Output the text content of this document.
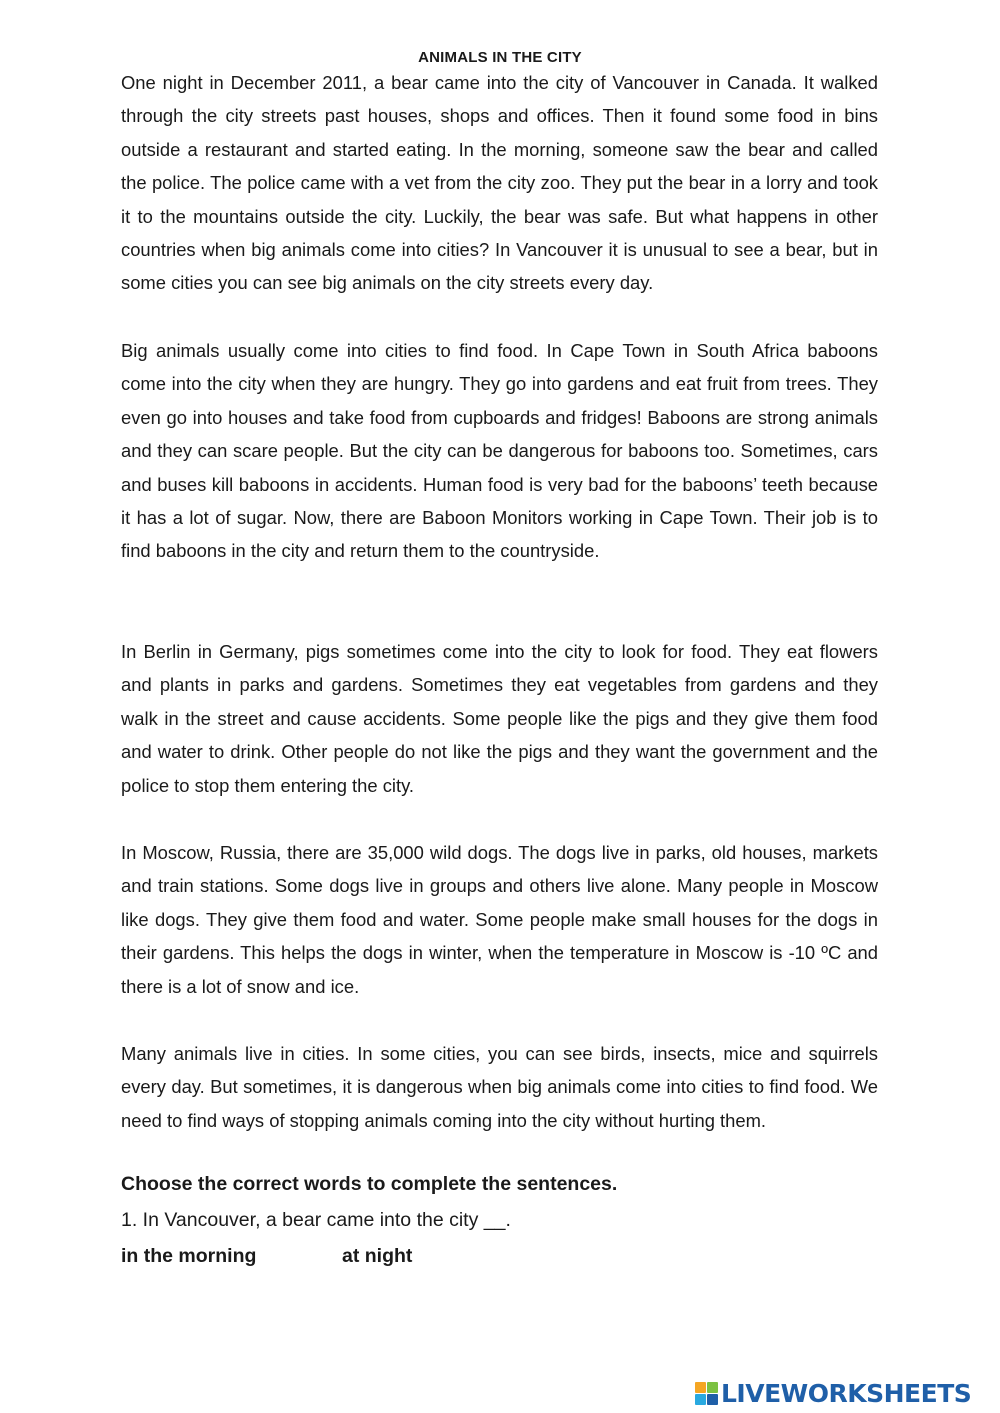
ANIMALS IN THE CITY

One night in December 2011, a bear came into the city of Vancouver in Canada. It walked through the city streets past houses, shops and offices. Then it found some food in bins outside a restaurant and started eating. In the morning, someone saw the bear and called the police. The police came with a vet from the city zoo. They put the bear in a lorry and took it to the mountains outside the city. Luckily, the bear was safe. But what happens in other countries when big animals come into cities? In Vancouver it is unusual to see a bear, but in some cities you can see big animals on the city streets every day.

Big animals usually come into cities to find food. In Cape Town in South Africa baboons come into the city when they are hungry. They go into gardens and eat fruit from trees. They even go into houses and take food from cupboards and fridges! Baboons are strong animals and they can scare people. But the city can be dangerous for baboons too. Sometimes, cars and buses kill baboons in accidents. Human food is very bad for the baboons’ teeth because it has a lot of sugar. Now, there are Baboon Monitors working in Cape Town. Their job is to find baboons in the city and return them to the countryside.

In Berlin in Germany, pigs sometimes come into the city to look for food. They eat flowers and plants in parks and gardens. Sometimes they eat vegetables from gardens and they walk in the street and cause accidents. Some people like the pigs and they give them food and water to drink. Other people do not like the pigs and they want the government and the police to stop them entering the city.

In Moscow, Russia, there are 35,000 wild dogs. The dogs live in parks, old houses, markets and train stations. Some dogs live in groups and others live alone. Many people in Moscow like dogs. They give them food and water. Some people make small houses for the dogs in their gardens. This helps the dogs in winter, when the temperature in Moscow is -10 ºC and there is a lot of snow and ice.

Many animals live in cities. In some cities, you can see birds, insects, mice and squirrels every day. But sometimes, it is dangerous when big animals come into cities to find food. We need to find ways of stopping animals coming into the city without hurting them.

Choose the correct words to complete the sentences.
1. In Vancouver, a bear came into the city __.
in the morning	at night
LIVEWORKSHEETS
